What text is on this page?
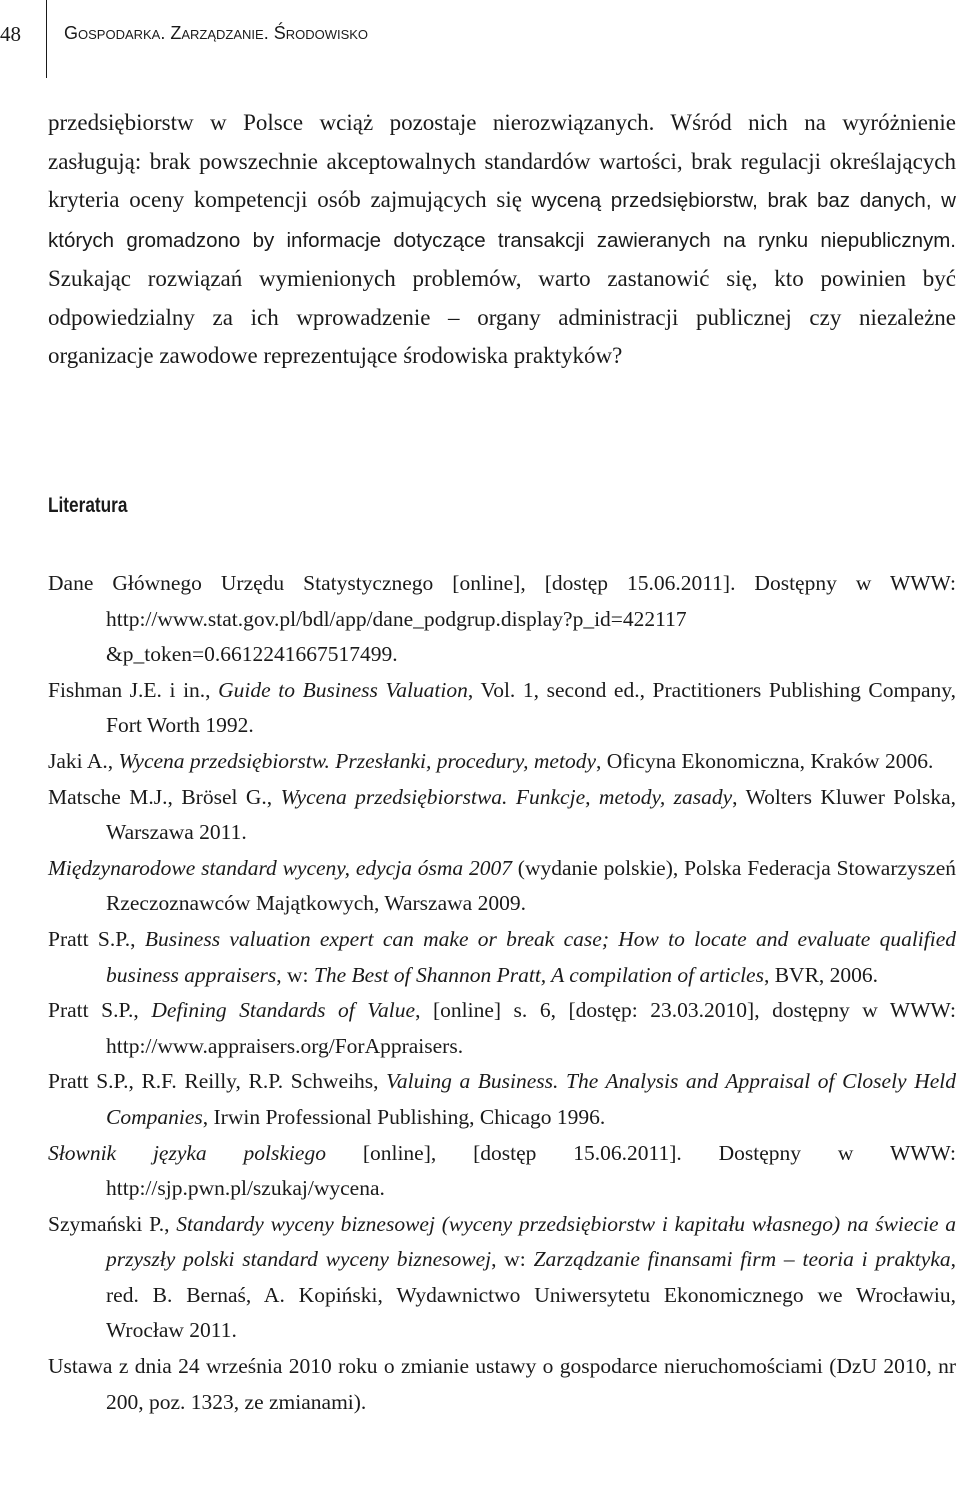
48 Gospodarka. Zarządzanie. Środowisko

przedsiębiorstw w Polsce wciąż pozostaje nierozwiązanych. Wśród nich na wyróżnienie zasługują: brak powszechnie akceptowalnych standardów wartości, brak regulacji określających kryteria oceny kompetencji osób zajmujących się wyceną przedsiębiorstw, brak baz danych, w których gromadzono by informacje dotyczące transakcji zawieranych na rynku niepublicznym. Szukając rozwiązań wymienionych problemów, warto zastanowić się, kto powinien być odpowiedzialny za ich wprowadzenie – organy administracji publicznej czy niezależne organizacje zawodowe reprezentujące środowiska praktyków?

Literatura
Dane Głównego Urzędu Statystycznego [online], [dostęp 15.06.2011]. Dostępny w WWW: http://www.stat.gov.pl/bdl/app/dane_podgrup.display?p_id=422117 &p_token=0.6612241667517499.
Fishman J.E. i in., Guide to Business Valuation, Vol. 1, second ed., Practitioners Publishing Company, Fort Worth 1992.
Jaki A., Wycena przedsiębiorstw. Przesłanki, procedury, metody, Oficyna Ekonomiczna, Kraków 2006.
Matsche M.J., Brösel G., Wycena przedsiębiorstwa. Funkcje, metody, zasady, Wolters Kluwer Polska, Warszawa 2011.
Międzynarodowe standard wyceny, edycja ósma 2007 (wydanie polskie), Polska Federacja Stowarzyszeń Rzeczoznawców Majątkowych, Warszawa 2009.
Pratt S.P., Business valuation expert can make or break case; How to locate and evaluate qualified business appraisers, w: The Best of Shannon Pratt, A compilation of articles, BVR, 2006.
Pratt S.P., Defining Standards of Value, [online] s. 6, [dostęp: 23.03.2010], dostępny w WWW: http://www.appraisers.org/ForAppraisers.
Pratt S.P., R.F. Reilly, R.P. Schweihs, Valuing a Business. The Analysis and Appraisal of Closely Held Companies, Irwin Professional Publishing, Chicago 1996.
Słownik języka polskiego [online], [dostęp 15.06.2011]. Dostępny w WWW: http://sjp.pwn.pl/szukaj/wycena.
Szymański P., Standardy wyceny biznesowej (wyceny przedsiębiorstw i kapitału własnego) na świecie a przyszły polski standard wyceny biznesowej, w: Zarządzanie finansami firm – teoria i praktyka, red. B. Bernaś, A. Kopiński, Wydawnictwo Uniwersytetu Ekonomicznego we Wrocławiu, Wrocław 2011.
Ustawa z dnia 24 września 2010 roku o zmianie ustawy o gospodarce nieruchomościami (DzU 2010, nr 200, poz. 1323, ze zmianami).
